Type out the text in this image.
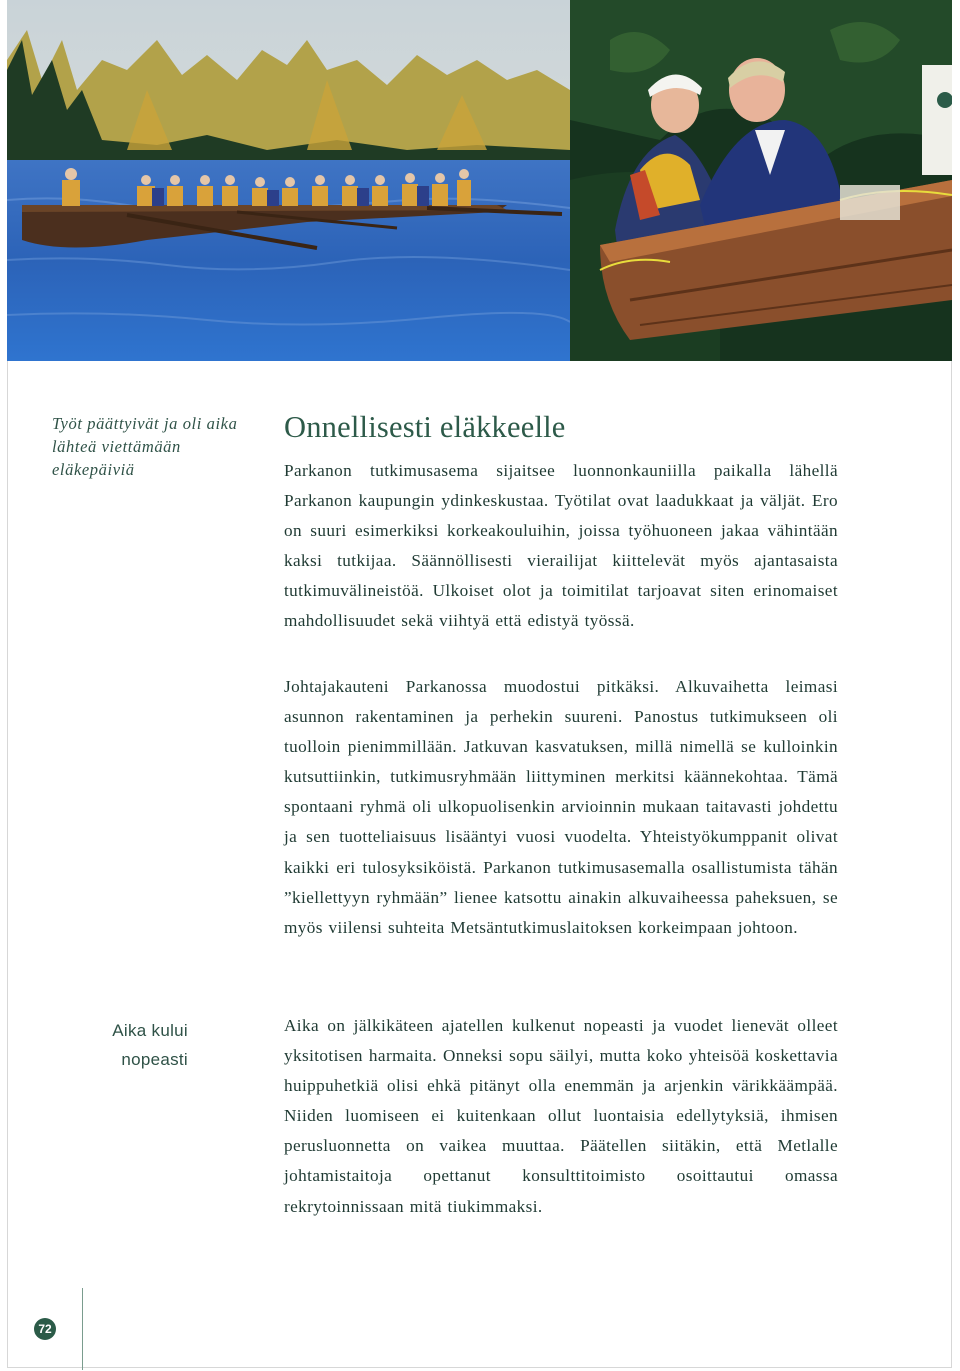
Työt päättyivät ja oli aika lähteä viettämään eläkepäiviä
Onnellisesti eläkkeelle

Parkanon tutkimusasema sijaitsee luonnonkauniilla paikalla lähellä Parkanon kaupungin ydinkeskustaa. Työtilat ovat laadukkaat ja väljät. Ero on suuri esimerkiksi korkeakouluihin, joissa työhuoneen jakaa vähintään kaksi tutkijaa. Säännöllisesti vierailijat kiittelevät myös ajantasaista tutkimuvälineistöä. Ulkoiset olot ja toimitilat tarjoavat siten erinomaiset mahdollisuudet sekä viihtyä että edistyä työssä.

Johtajakauteni Parkanossa muodostui pitkäksi. Alkuvaihetta leimasi asunnon rakentaminen ja perhekin suureni. Panostus tutkimukseen oli tuolloin pienimmillään. Jatkuvan kasvatuksen, millä nimellä se kulloinkin kutsuttiinkin, tutkimusryhmään liittyminen merkitsi käännekohtaa. Tämä spontaani ryhmä oli ulkopuolisenkin arvioinnin mukaan taitavasti johdettu ja sen tuotteliaisuus lisääntyi vuosi vuodelta. Yhteistyökumppanit olivat kaikki eri tulosyksiköistä. Parkanon tutkimusasemalla osallistumista tähän ”kiellettyyn ryhmään” lienee katsottu ainakin alkuvaiheessa paheksuen, se myös viilensi suhteita Metsäntutkimuslaitoksen korkeimpaan johtoon.

Aika kului
nopeasti

Aika on jälkikäteen ajatellen kulkenut nopeasti ja vuodet lienevät olleet yksitotisen harmaita. Onneksi sopu säilyi, mutta koko yhteisöä koskettavia huippuhetkiä olisi ehkä pitänyt olla enemmän ja arjenkin värikkäämpää. Niiden luomiseen ei kuitenkaan ollut luontaisia edellytyksiä, ihmisen perusluonnetta on vaikea muuttaa. Päätellen siitäkin, että Metlalle johtamistaitoja opettanut konsulttitoimisto osoittautui omassa rekrytoinnissaan mitä tiukimmaksi.

72
